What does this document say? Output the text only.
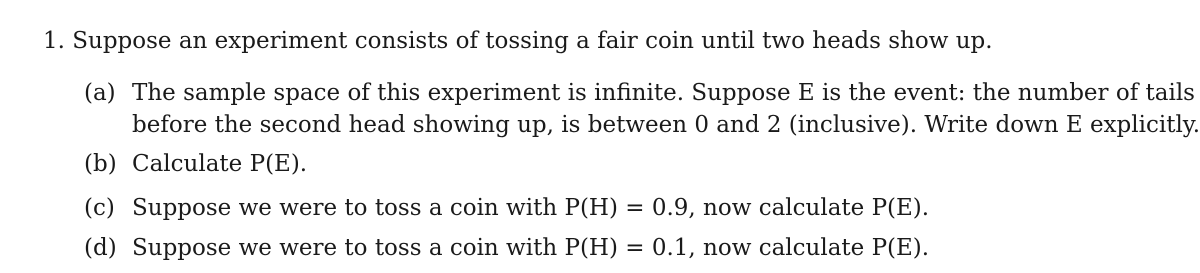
1. Suppose an experiment consists of tossing a fair coin until two heads show up.
(a) The sample space of this experiment is infinite. Suppose E is the event: the number of tails
before the second head showing up, is between 0 and 2 (inclusive). Write down E explicitly.
(b) Calculate P(E).
(c) Suppose we were to toss a coin with P(H) = 0.9, now calculate P(E).
(d) Suppose we were to toss a coin with P(H) = 0.1, now calculate P(E).
